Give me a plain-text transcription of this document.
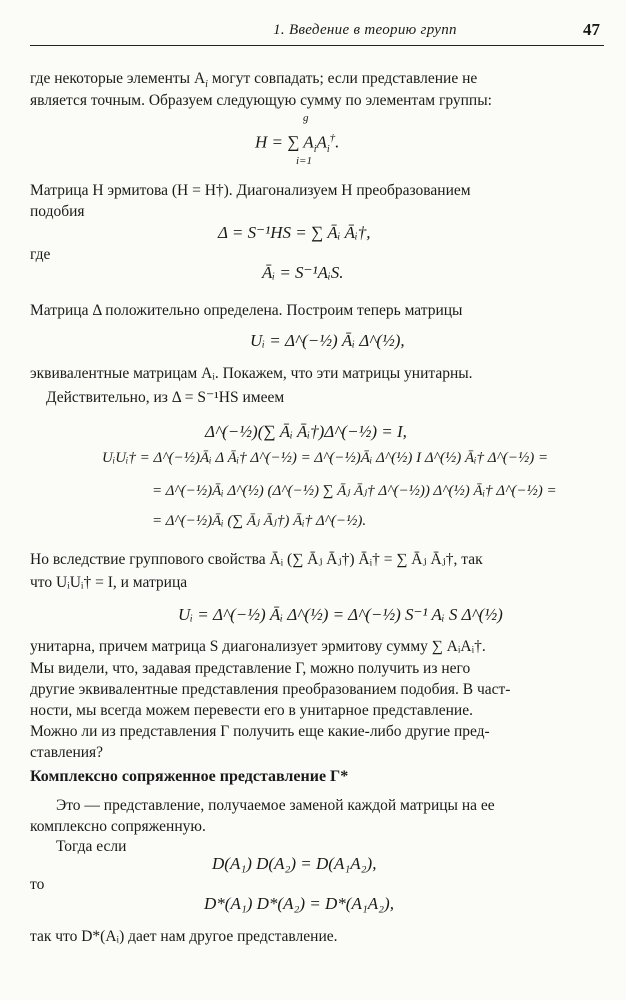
1. Введение в теорию групп	47
где некоторые элементы $A_i$ могут совпадать; если представление не
является точным. Образуем следующую сумму по элементам группы:
H = ∑ $A_iA_i^\dagger$.
g
i=1
Матрица H эрмитова (H = H†). Диагонализуем H преобразованием
подобия
Δ = S⁻¹HS = ∑ Āᵢ Āᵢ†,
где
Āᵢ = S⁻¹AᵢS.
Матрица Δ положительно определена. Построим теперь матрицы
Uᵢ = Δ^(−½) Āᵢ Δ^(½),
эквивалентные матрицам Aᵢ. Покажем, что эти матрицы унитарны.
Действительно, из Δ = S⁻¹HS имеем
Δ^(−½)(∑ Āᵢ Āᵢ†)Δ^(−½) = I,
UᵢUᵢ† = Δ^(−½)Āᵢ Δ Āᵢ† Δ^(−½) = Δ^(−½)Āᵢ Δ^(½) I Δ^(½) Āᵢ† Δ^(−½) =
= Δ^(−½)Āᵢ Δ^(½) (Δ^(−½) ∑ Āⱼ Āⱼ† Δ^(−½)) Δ^(½) Āᵢ† Δ^(−½) =
= Δ^(−½)Āᵢ (∑ Āⱼ Āⱼ†) Āᵢ† Δ^(−½).
Но вследствие группового свойства Āᵢ (∑ Āⱼ Āⱼ†) Āᵢ† = ∑ Āⱼ Āⱼ†, так
что UᵢUᵢ† = I, и матрица
Uᵢ = Δ^(−½) Āᵢ Δ^(½) = Δ^(−½) S⁻¹ Aᵢ S Δ^(½)
унитарна, причем матрица S диагонализует эрмитову сумму ∑ AᵢAᵢ†.
Мы видели, что, задавая представление Γ, можно получить из него
другие эквивалентные представления преобразованием подобия. В част-
ности, мы всегда можем перевести его в унитарное представление.
Можно ли из представления Γ получить еще какие-либо другие пред-
ставления?
Комплексно сопряженное представление Γ*
Это — представление, получаемое заменой каждой матрицы на ее
комплексно сопряженную.
Тогда если
D(A₁) D(A₂) = D(A₁A₂),
то
D*(A₁) D*(A₂) = D*(A₁A₂),
так что D*(Aᵢ) дает нам другое представление.
